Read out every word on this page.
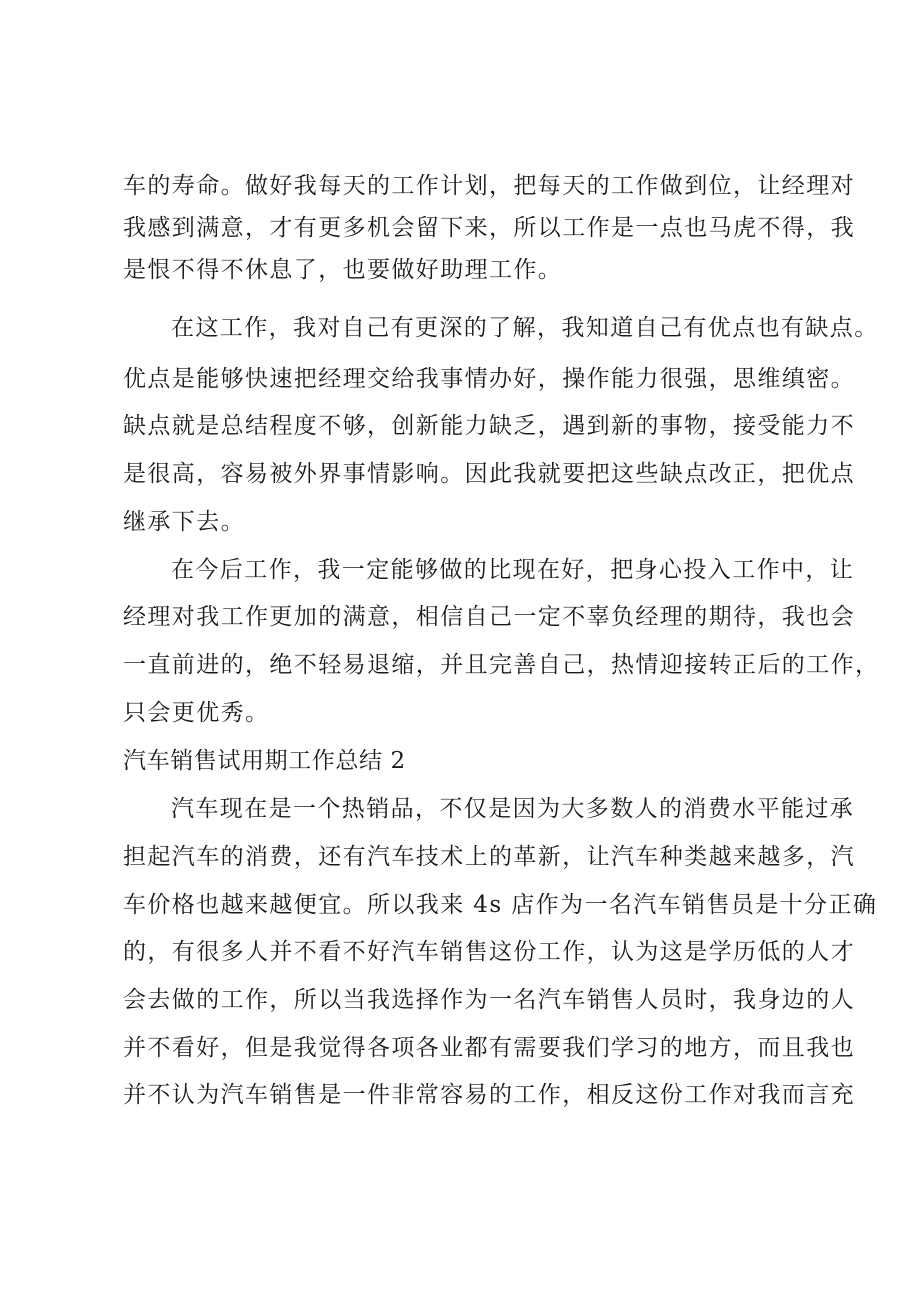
车的寿命。做好我每天的工作计划，把每天的工作做到位，让经理对
我感到满意，才有更多机会留下来，所以工作是一点也马虎不得，我
是恨不得不休息了，也要做好助理工作。
在这工作，我对自己有更深的了解，我知道自己有优点也有缺点。
优点是能够快速把经理交给我事情办好，操作能力很强，思维缜密。
缺点就是总结程度不够，创新能力缺乏，遇到新的事物，接受能力不
是很高，容易被外界事情影响。因此我就要把这些缺点改正，把优点
继承下去。
在今后工作，我一定能够做的比现在好，把身心投入工作中，让
经理对我工作更加的满意，相信自己一定不辜负经理的期待，我也会
一直前进的，绝不轻易退缩，并且完善自己，热情迎接转正后的工作，
只会更优秀。
汽车销售试用期工作总结 2
汽车现在是一个热销品，不仅是因为大多数人的消费水平能过承
担起汽车的消费，还有汽车技术上的革新，让汽车种类越来越多，汽
车价格也越来越便宜。所以我来 4s 店作为一名汽车销售员是十分正确
的，有很多人并不看不好汽车销售这份工作，认为这是学历低的人才
会去做的工作，所以当我选择作为一名汽车销售人员时，我身边的人
并不看好，但是我觉得各项各业都有需要我们学习的地方，而且我也
并不认为汽车销售是一件非常容易的工作，相反这份工作对我而言充
